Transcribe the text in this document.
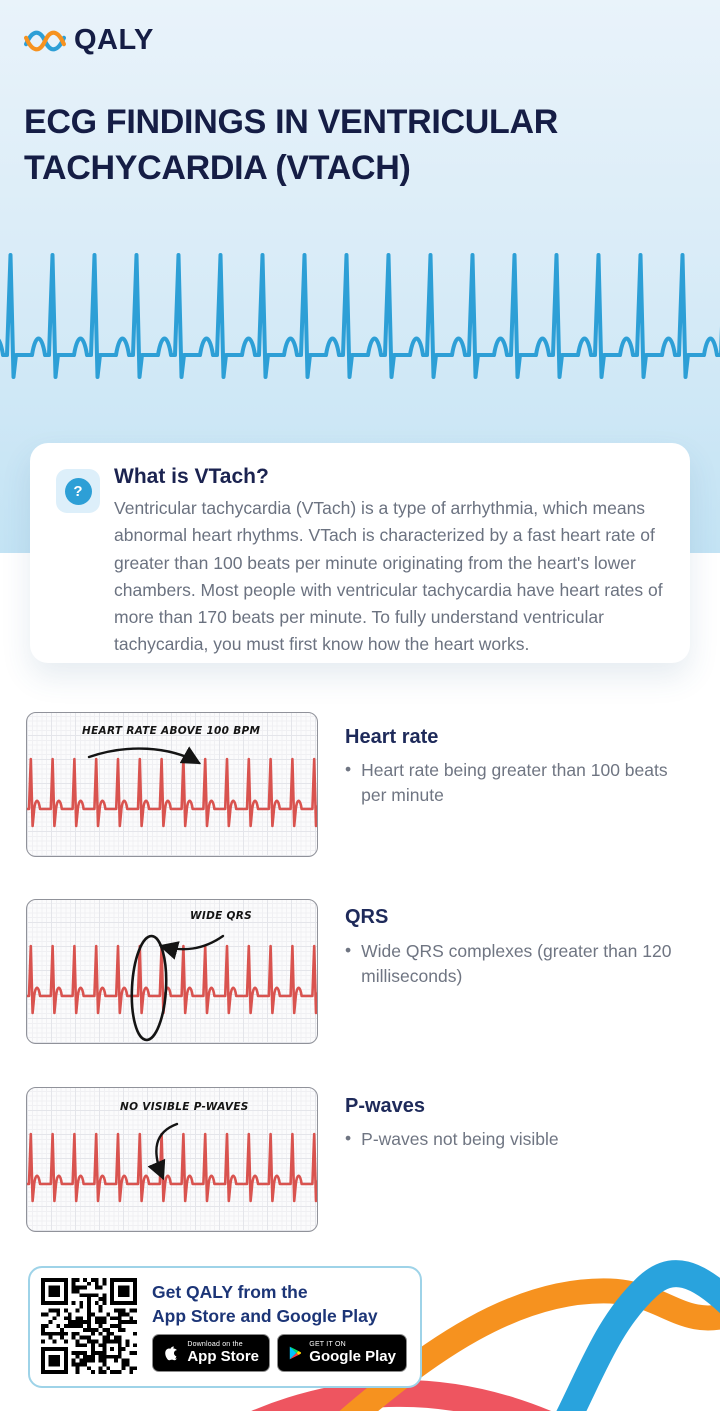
QALY
ECG FINDINGS IN VENTRICULAR TACHYCARDIA (VTACH)
?
What is VTach?
Ventricular tachycardia (VTach) is a type of arrhythmia, which means abnormal heart rhythms. VTach is characterized by a fast heart rate of greater than 100 beats per minute originating from the heart's lower chambers. Most people with ventricular tachycardia have heart rates of more than 170 beats per minute. To fully understand ventricular tachycardia, you must first know how the heart works.
HEART RATE ABOVE 100 BPM	Heart rate
• Heart rate being greater than 100 beats per minute
WIDE QRS	QRS
• Wide QRS complexes (greater than 120 milliseconds)
NO VISIBLE P-WAVES	P-waves
• P-waves not being visible
Get QALY from the
App Store and Google Play
Download on the
App Store
GET IT ON
Google Play
